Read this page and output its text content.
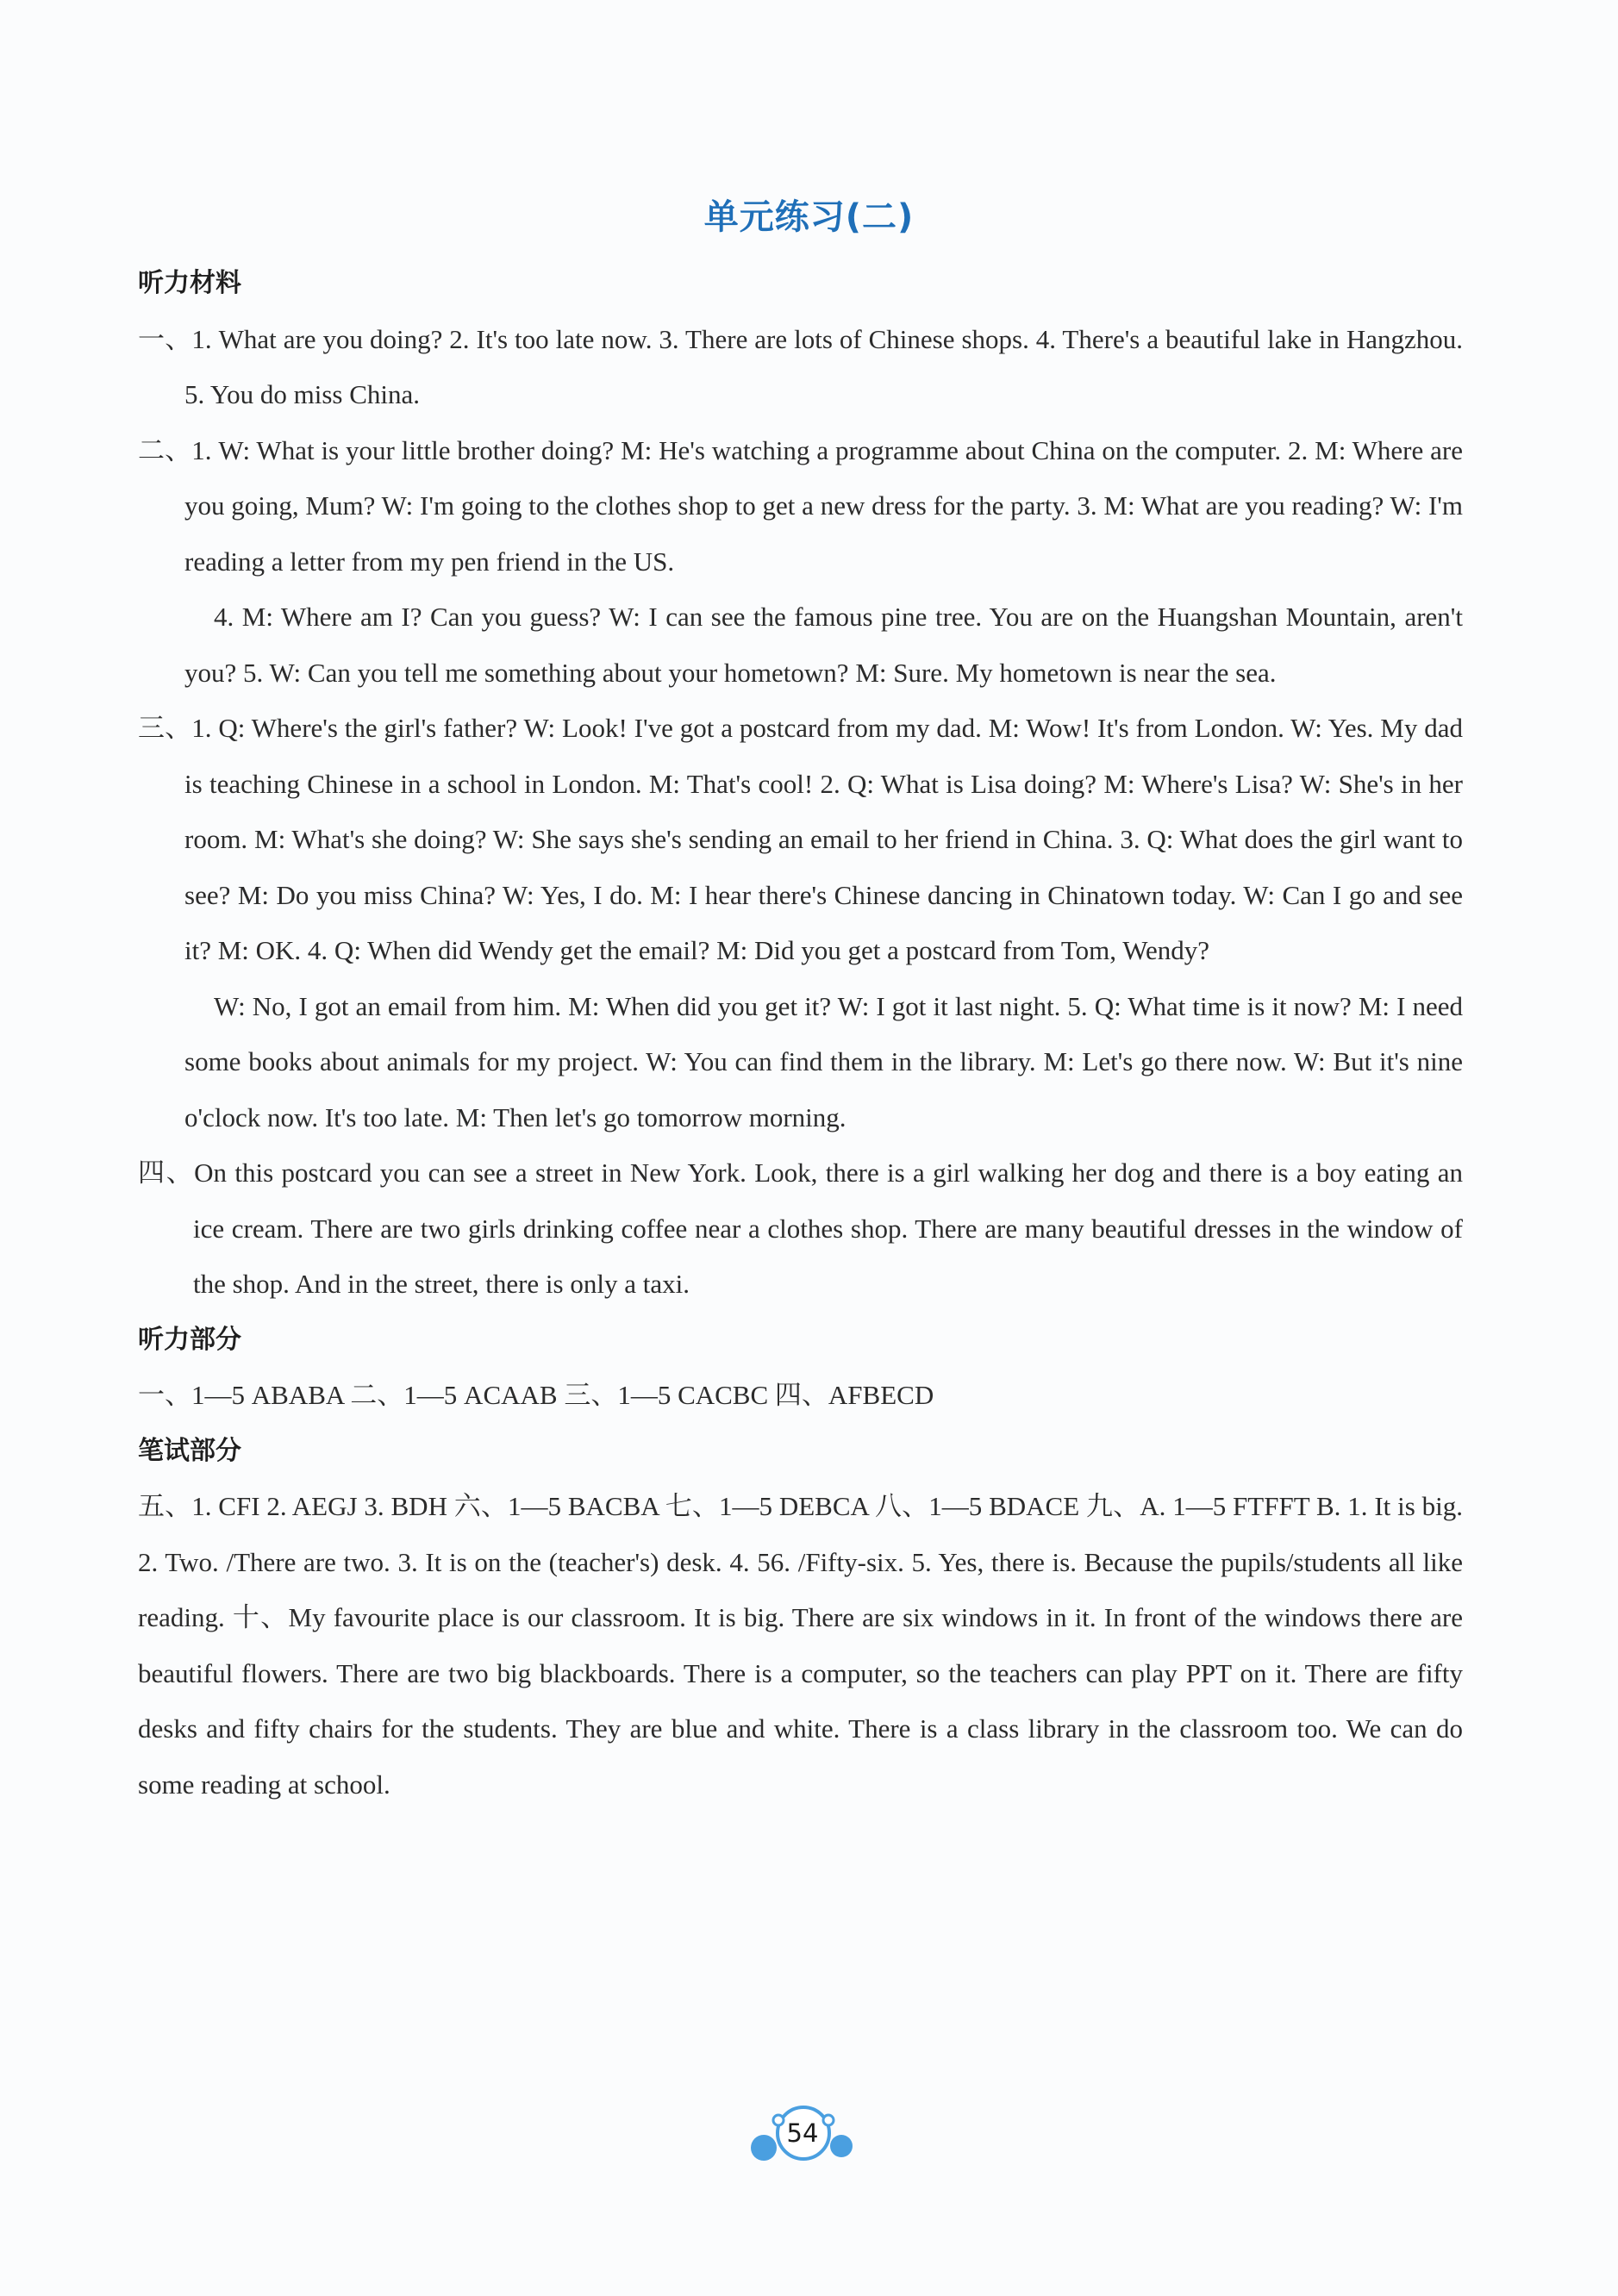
单元练习(二)
听力材料
一、1. What are you doing? 2. It's too late now. 3. There are lots of Chinese shops. 4. There's a beautiful lake in Hangzhou. 5. You do miss China.
二、1. W: What is your little brother doing? M: He's watching a programme about China on the computer. 2. M: Where are you going, Mum? W: I'm going to the clothes shop to get a new dress for the party. 3. M: What are you reading? W: I'm reading a letter from my pen friend in the US.
4. M: Where am I? Can you guess? W: I can see the famous pine tree. You are on the Huangshan Mountain, aren't you? 5. W: Can you tell me something about your hometown? M: Sure. My hometown is near the sea.
三、1. Q: Where's the girl's father? W: Look! I've got a postcard from my dad. M: Wow! It's from London. W: Yes. My dad is teaching Chinese in a school in London. M: That's cool! 2. Q: What is Lisa doing? M: Where's Lisa? W: She's in her room. M: What's she doing? W: She says she's sending an email to her friend in China. 3. Q: What does the girl want to see? M: Do you miss China? W: Yes, I do. M: I hear there's Chinese dancing in Chinatown today. W: Can I go and see it? M: OK. 4. Q: When did Wendy get the email? M: Did you get a postcard from Tom, Wendy?
W: No, I got an email from him. M: When did you get it? W: I got it last night. 5. Q: What time is it now? M: I need some books about animals for my project. W: You can find them in the library. M: Let's go there now. W: But it's nine o'clock now. It's too late. M: Then let's go tomorrow morning.
四、On this postcard you can see a street in New York. Look, there is a girl walking her dog and there is a boy eating an ice cream. There are two girls drinking coffee near a clothes shop. There are many beautiful dresses in the window of the shop. And in the street, there is only a taxi.
听力部分
一、1—5 ABABA 二、1—5 ACAAB 三、1—5 CACBC 四、AFBECD
笔试部分
五、1. CFI 2. AEGJ 3. BDH 六、1—5 BACBA 七、1—5 DEBCA 八、1—5 BDACE 九、A. 1—5 FTFFT B. 1. It is big. 2. Two. /There are two. 3. It is on the (teacher's) desk. 4. 56. /Fifty-six. 5. Yes, there is. Because the pupils/students all like reading. 十、My favourite place is our classroom. It is big. There are six windows in it. In front of the windows there are beautiful flowers. There are two big blackboards. There is a computer, so the teachers can play PPT on it. There are fifty desks and fifty chairs for the students. They are blue and white. There is a class library in the classroom too. We can do some reading at school.
54
